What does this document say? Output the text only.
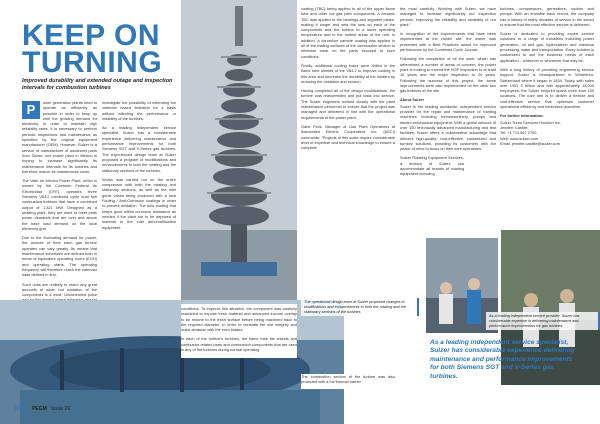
KEEP ON
TURNING
Improved durability and extended outage and inspection intervals for combustion turbines

P	ower generation plants need to operate as efficiently as possible in order to keep up with the growing demand for electricity. In order to maintain high reliability rates, it is necessary to perform periodic inspections and maintenance as specified by the original equipment manufacturer (OEM). However, Sulzer is a service of manufacturer of advanced parts from Sulzer, one power plant in Mexico is hoping to increase significantly its maintenance intervals for its turbines and therefore reduce its maintenance costs.

The Valle de Mexico Power Plant, which is owned by the Comisión Federal de Electricidad (CFE), operates three Siemens V84.2 combined cycle dual fuel combustion turbines that have a combined output of 1,321 MW. Designed as a peaking plant, they are used to meet peak power demands that are over and above the base load demand on the local electricity grid.

Due to the fluctuating demand for power, the amount of time each gas turbine operates can vary greatly. Its means that maintenance schedules are defined both in terms of equivalent operating hours (EOH) and operating starts. The operating frequency will therefore reach the calendar base defined in first.

Such units are unlikely to reach any great amounts of wear, but oxidation of the components is a must. Uncontrolled pulse

investigate the possibility of extending the calendar based limitation for a basis without affecting the performance or reliability of the turbines.

As a leading independent service specialist, Sulzer has a considerable experience delivering maintenance and performance improvements for both Siemens SGT and V-Series gas turbines. The experienced design team at Sulzer proposed a program of modifications and enhancements to both the rotating and the stationary sections of the turbines.

Works was carried out on the entire compressor with both the rotating and stationary sections, as well as the inlet guide vanes being produced with a new Fouling / Anti-Corrosion coatings in order to prevent oxidation. The new coating that keeps good within corrosion resistance as needed if the plant not to be deprived of material to the inlet dehumidification equipment.

coating (TBC) being applied to all of the upper flame tube and other hot gas path components. A ceramic TBC was applied to the bearings and segment plates, making it longer and sets the seal on each of the components and the turbine to a lower operating temperature and in the hottest areas of the unit. In addition, a chromium carbide coating was applied to all of the mating surfaces of the combustion section to minimise wear on the parts exposed to such conditions.

Finally, additional cooling holes were drilled in the flame tube shields of the V84.2 to improve cooling in this area and decrease the durability of the holders by reducing the oxidation and erosion.

Having completed all of the design modifications, the turbine was reassembled and put back into service. The Sulzer engineers worked closely with the plant maintenance personnel to ensure that the project was managed and delivered in line with the operational requirements of the power plant.

Gabe Feck, Manager of Gas Plant Operations at Associated Electric Cooperative Inc. (AECI) comments: "Projects of this scale require considerable level of expertise and technical knowledge to ensure a complete

the most carefully. Working with Sulzer, we have managed to increase significantly our inspection periods, improving the reliability and durability of our plant."

In recognition of the improvements that have been implemented at the Holdin site, the owner was presented with a Best Practices award for improved performance by the Combined Cycle Journal.

Following the completion of all the work, which has determined a number of areas of concern, the power plant is looking to extend the HGP inspection to at least 10 years and the major inspection to 20 years. Following the success of this project, the same improvements were also implemented on the other two gas turbines at the site.

About Sulzer

Sulzer is the leading worldwide, independent service provider for the repair and maintenance of rotating machines including turbomachinery, pumps and electro-mechanical equipment. With a global network of over 150 technically advanced manufacturing and test facilities, Sulzer offers a collaborative advantage that delivers high-quality, cost-effective, customized and turnkey solutions, providing its customers with the peace of mind to focus on their core operations.

Sulzer Rotating Equipment Services, a division of Sulzer, can accommodate all brands of rotating equipment including

turbines, compressors, generators, motors and pumps. With an enviable track record, the company has a history of many decades of service in the sector to ensure that the most effective service is delivered.

Sulzer is dedicated to providing expert service solutions to a range of industries including power generation, oil and gas, hydrocarbon and chemical processing, water and transportation. Every solution is customized to suit the business needs of each application – wherever or whenever that may be.

With a long history of providing engineering service support, Sulzer is headquartered in Winterthur, Switzerland where it began in 1834. Today, with sales over USD 3 billion and with approximately 15,000 employees, the Sulzer footprint spans more than 150 locations. The core aim is to deliver a flexible and cost-effective service that optimises customer operational efficiency and minimises downtime.

For further information:

Sulzer Turbo Services Houston Inc.
Jennifer Castille
Tel: +1 713 567 2700
Web: www.sulzer.com
Email: jennifer.castille@sulzer.com

conditions. To improve this situation, the component was carefully machined to expose fresh material and advanced inconel overlay to be redone to the fresh surface before being machined back to the required diameter. In order to reinstate the slot integrity and resist abrasion with the rotor blades.

In each of the turbine's turbines, the flame tube tile shields and combustor-related parts and combustion components that are used in any of the turbines during normal operating

The combustion section of the turbine was also protected with a full thermal barrier

The operational design team at Sulzer proposed changes to modifications and enhancements to both the rotating and the stationary sections of the turbines
As a leading independent service provider, Sulzer has considerable expertise in delivering maintenance and performance improvements for gas turbines
As a leading independent service specialist, Sulzer has considerable experience delivering maintenance and performance improvements for both Siemens SGT and V-Series gas turbines.
108 PEGM Issue 26
